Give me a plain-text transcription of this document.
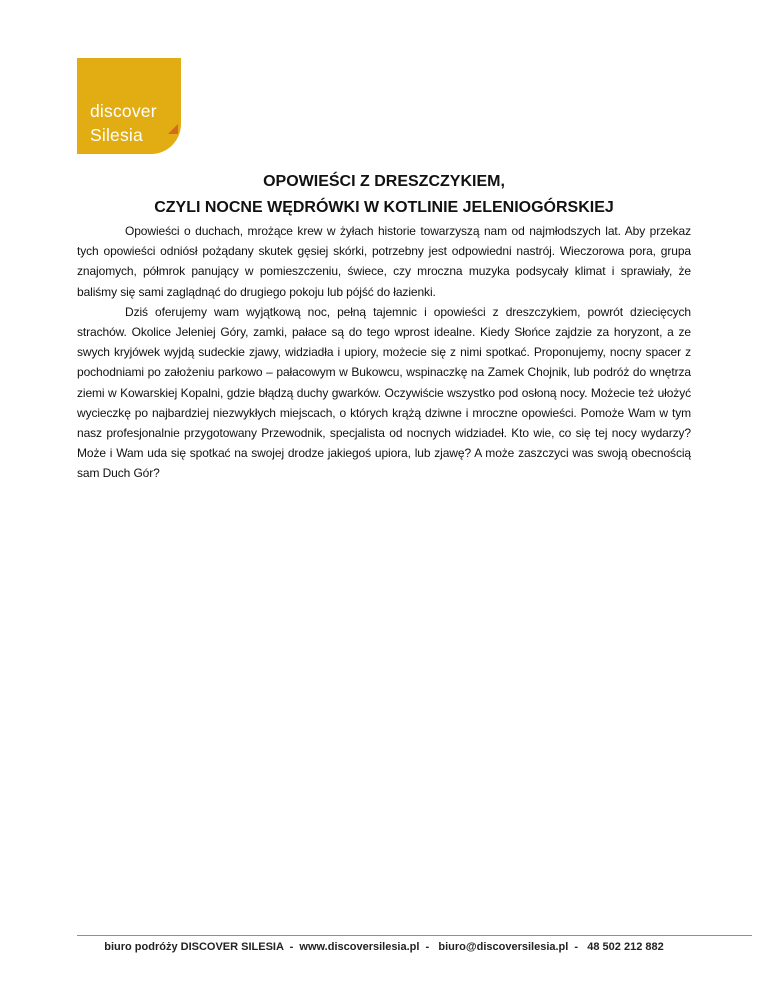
discover
Silesia
OPOWIEŚCI Z DRESZCZYKIEM,
CZYLI NOCNE WĘDRÓWKI W KOTLINIE JELENIOGÓRSKIEJ

Opowieści o duchach, mrożące krew w żyłach historie towarzyszą nam od najmłodszych lat. Aby przekaz tych opowieści odniósł pożądany skutek gęsiej skórki, potrzebny jest odpowiedni nastrój. Wieczorowa pora, grupa znajomych, półmrok panujący w pomieszczeniu, świece, czy mroczna muzyka podsycały klimat i sprawiały, że baliśmy się sami zaglądnąć do drugiego pokoju lub pójść do łazienki.

Dziś oferujemy wam wyjątkową noc, pełną tajemnic i opowieści z dreszczykiem, powrót dziecięcych strachów. Okolice Jeleniej Góry, zamki, pałace są do tego wprost idealne. Kiedy Słońce zajdzie za horyzont, a ze swych kryjówek wyjdą sudeckie zjawy, widziadła i upiory, możecie się z nimi spotkać. Proponujemy, nocny spacer z pochodniami po założeniu parkowo – pałacowym w Bukowcu, wspinaczkę na Zamek Chojnik, lub podróż do wnętrza ziemi w Kowarskiej Kopalni, gdzie błądzą duchy gwarków. Oczywiście wszystko pod osłoną nocy. Możecie też ułożyć wycieczkę po najbardziej niezwykłych miejscach, o których krążą dziwne i mroczne opowieści. Pomoże Wam w tym nasz profesjonalnie przygotowany Przewodnik, specjalista od nocnych widziadeł. Kto wie, co się tej nocy wydarzy? Może i Wam uda się spotkać na swojej drodze jakiegoś upiora, lub zjawę? A może zaszczyci was swoją obecnością sam Duch Gór?

biuro podróży DISCOVER SILESIA  -  www.discoversilesia.pl  -   biuro@discoversilesia.pl  -   48 502 212 882
